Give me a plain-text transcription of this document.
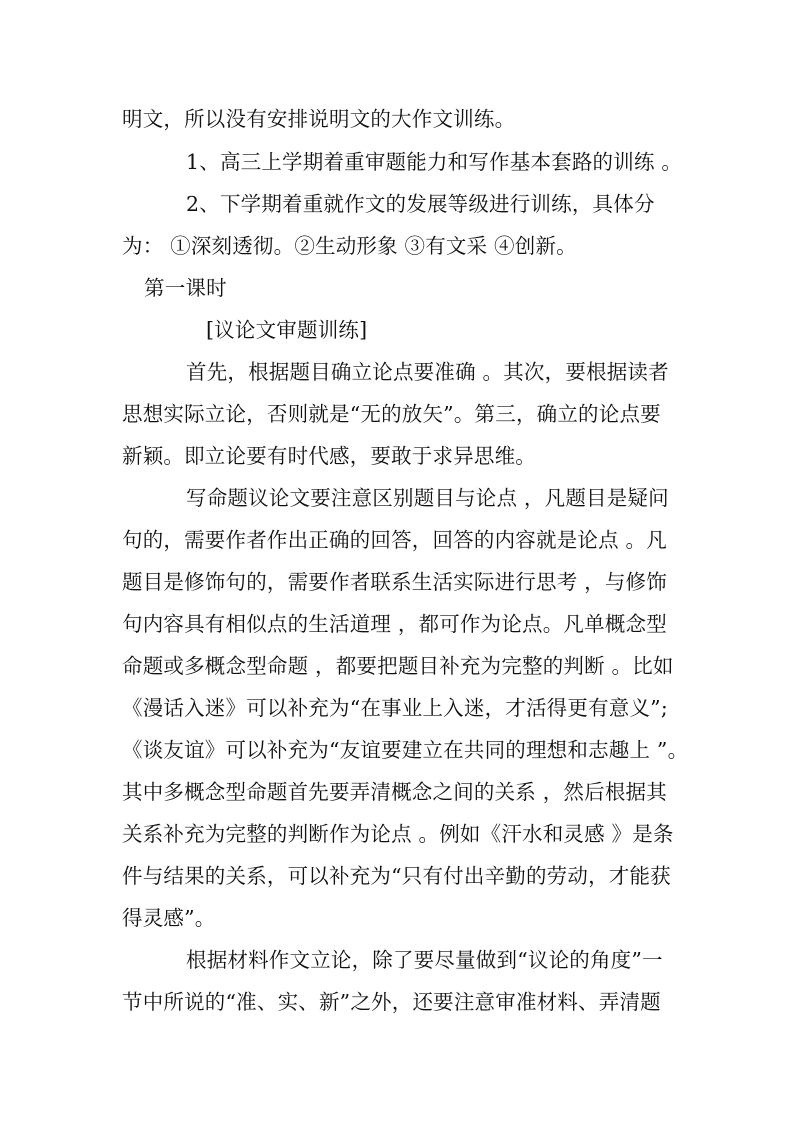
明文，所以没有安排说明文的大作文训练。
1、高三上学期着重审题能力和写作基本套路的训练 。
2、下学期着重就作文的发展等级进行训练，具体分
为： ①深刻透彻。②生动形象 ③有文采 ④创新。
第一课时
[议论文审题训练]
首先，根据题目确立论点要准确 。其次，要根据读者
思想实际立论，否则就是“无的放矢”。第三，确立的论点要
新颖。即立论要有时代感，要敢于求异思维。
写命题议论文要注意区别题目与论点 ，凡题目是疑问
句的，需要作者作出正确的回答，回答的内容就是论点 。凡
题目是修饰句的，需要作者联系生活实际进行思考 ，与修饰
句内容具有相似点的生活道理 ，都可作为论点。凡单概念型
命题或多概念型命题 ，都要把题目补充为完整的判断 。比如
《漫话入迷》可以补充为“在事业上入迷，才活得更有意义”;
《谈友谊》可以补充为“友谊要建立在共同的理想和志趣上 ”。
其中多概念型命题首先要弄清概念之间的关系 ，然后根据其
关系补充为完整的判断作为论点 。例如《汗水和灵感 》是条
件与结果的关系，可以补充为“只有付出辛勤的劳动，才能获
得灵感”。
根据材料作文立论，除了要尽量做到“议论的角度”一
节中所说的“准、实、新”之外，还要注意审准材料、弄清题
